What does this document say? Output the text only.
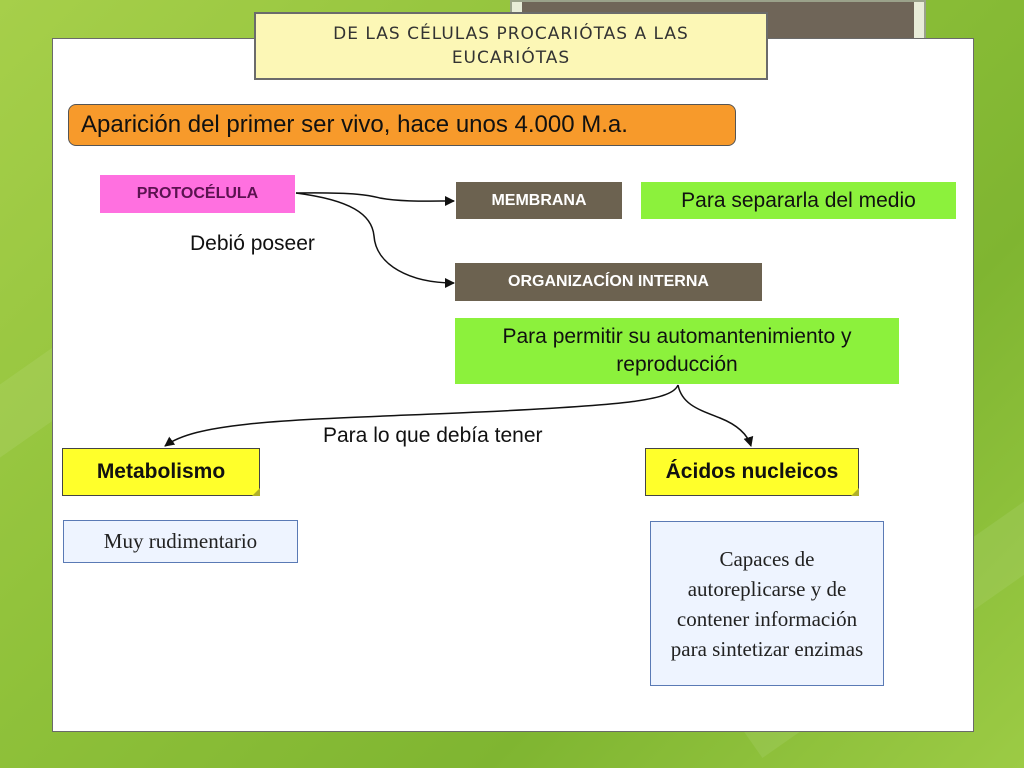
DE LAS CÉLULAS PROCARIÓTAS A LAS EUCARIÓTAS
Aparición del primer ser vivo, hace unos 4.000 M.a.
PROTOCÉLULA	MEMBRANA	Para separarla del medio
ORGANIZACÍON INTERNA
Para permitir su automantenimiento y reproducción
Metabolismo	Ácidos nucleicos
Muy rudimentario
Capaces de autoreplicarse y de contener información para sintetizar enzimas
Debió poseer
Para lo que debía tener
